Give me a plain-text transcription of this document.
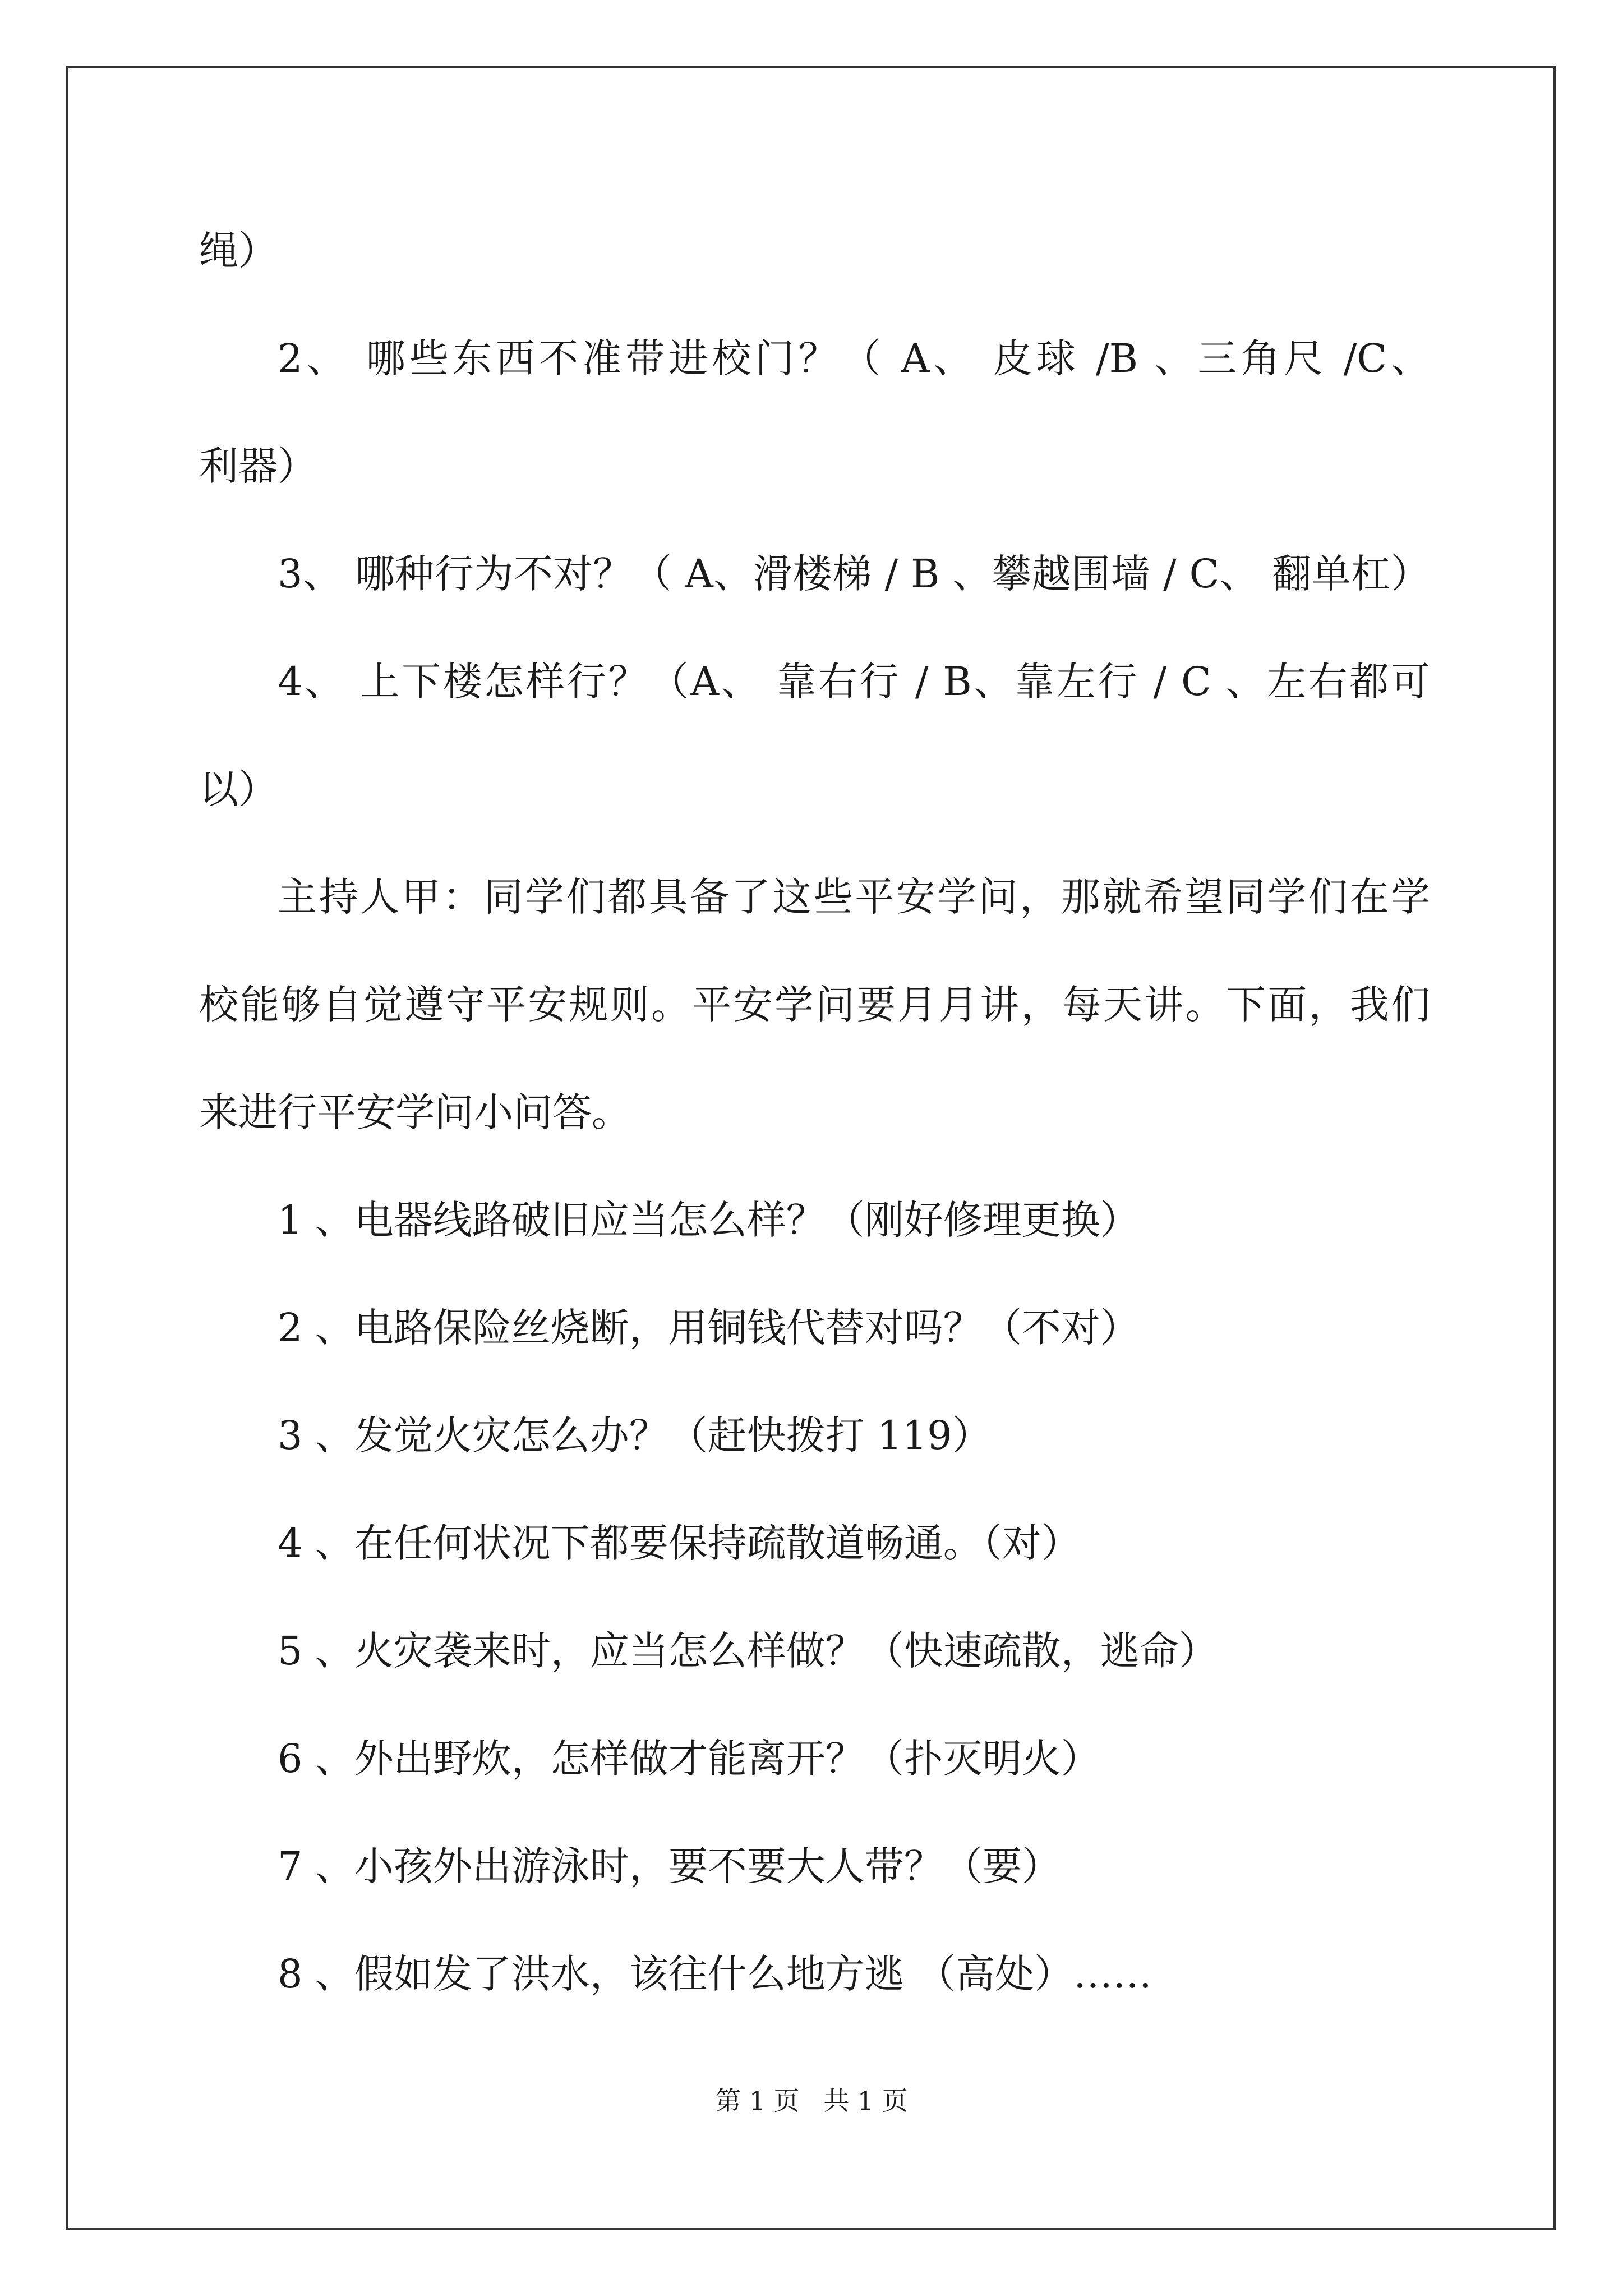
绳）
2、 哪些东西不准带进校门？（ A、 皮球 /B 、三角尺 /C、
利器）
3、 哪种行为不对？（ A、滑楼梯 / B 、攀越围墙 / C、 翻单杠）
4、 上下楼怎样行？（A、 靠右行 / B、靠左行 / C 、左右都可
以）
主持人甲：同学们都具备了这些平安学问，那就希望同学们在学
校能够自觉遵守平安规则。平安学问要月月讲，每天讲。下面，我们
来进行平安学问小问答。
1 、电器线路破旧应当怎么样？（刚好修理更换）
2 、电路保险丝烧断，用铜钱代替对吗？（不对）
3 、发觉火灾怎么办？（赶快拨打 119）
4 、在任何状况下都要保持疏散道畅通。（对）
5 、火灾袭来时，应当怎么样做？（快速疏散，逃命）
6 、外出野炊，怎样做才能离开？（扑灭明火）
7 、小孩外出游泳时，要不要大人带？（要）
8 、假如发了洪水，该往什么地方逃 （高处）……
第 1 页 共 1 页
